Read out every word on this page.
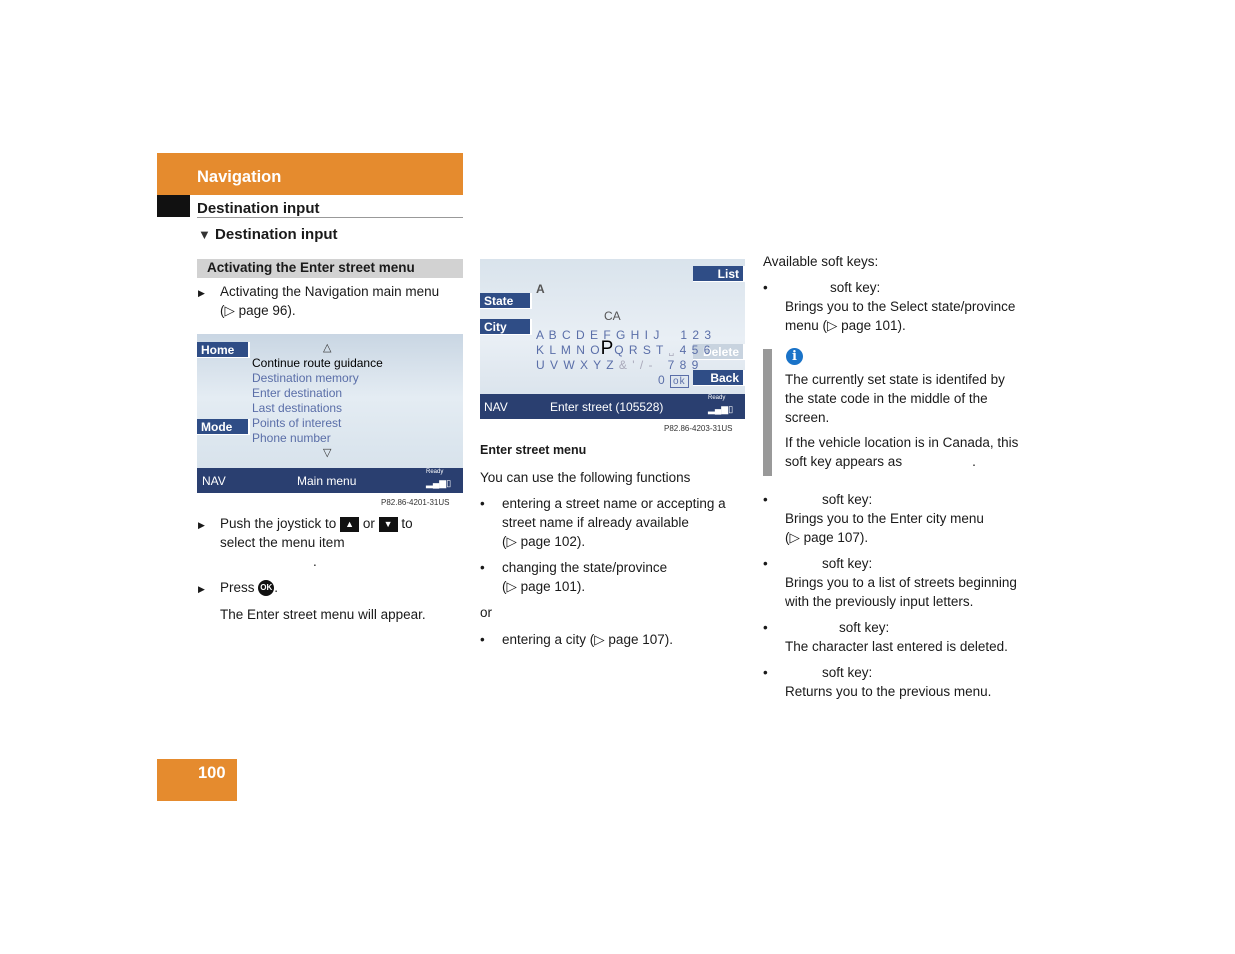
Navigation
Destination input
▼ Destination input
Activating the Enter street menu
▶ Activating the Navigation main menu
(▷ page 96).
Home
Mode
△
Continue route guidance
Destination memory
Enter destination
Last destinations
Points of interest
Phone number
▽
NAV	Main menu
Ready
▂▄▆▯
P82.86-4201-31US
▶ Push the joystick to ▲ or ▼ to
select the menu item
.
▶ Press OK .
The Enter street menu will appear.
List
State
City
Delete
Back
A
CA
A B C D E F G H I J 1 2 3
K L M N OPQ R S T ␣ 4 5 6
U V W X Y Z & ' / - 7 8 9
0 ok
NAV	Enter street (105528)
Ready
▂▄▆▯
P82.86-4203-31US
Enter street menu
You can use the following functions
• entering a street name or accepting a
street name if already available
(▷ page 102).
• changing the state/province
(▷ page 101).
or
• entering a city (▷ page 107).
Available soft keys:
•	soft key:
Brings you to the Select state/province
menu (▷ page 101).
i
The currently set state is identifed by
the state code in the middle of the
screen.
If the vehicle location is in Canada, this
soft key appears as	.
•	soft key:
Brings you to the Enter city menu
(▷ page 107).
•	soft key:
Brings you to a list of streets beginning
with the previously input letters.
•	soft key:
The character last entered is deleted.
•	soft key:
Returns you to the previous menu.
100
